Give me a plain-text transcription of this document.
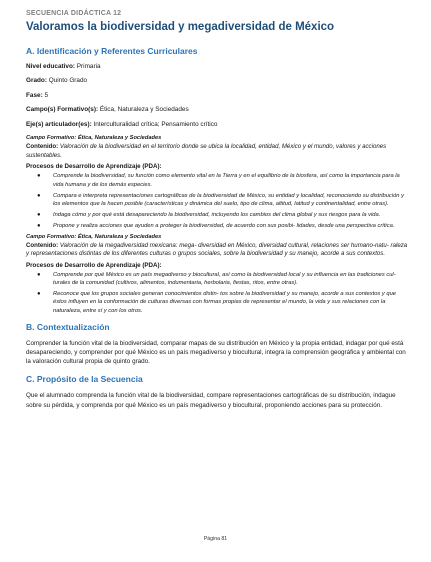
SECUENCIA DIDÁCTICA 12
Valoramos la biodiversidad y megadiversidad de México
A. Identificación y Referentes Curriculares
Nivel educativo: Primaria
Grado: Quinto Grado
Fase: 5
Campo(s) Formativo(s): Ética, Naturaleza y Sociedades
Eje(s) articulador(es): Interculturalidad crítica; Pensamiento crítico
Campo Formativo: Ética, Naturaleza y Sociedades
Contenido: Valoración de la biodiversidad en el territorio donde se ubica la localidad, entidad, México y el mundo, valores y acciones sustentables.
Procesos de Desarrollo de Aprendizaje (PDA):
● Comprende la biodiversidad, su función como elemento vital en la Tierra y en el equilibrio de la biosfera, así como la importancia para la vida humana y de los demás especies.
● Compara e interpreta representaciones cartográficas de la biodiversidad de México, su entidad y localidad, reconociendo su distribución y los elementos que la hacen posible (características y dinámica del suelo, tipo de clima, altitud, latitud y continentalidad, entre otras).
● Indaga cómo y por qué está desapareciendo la biodiversidad, incluyendo los cambios del clima global y sus riesgos para la vida.
● Propone y realiza acciones que ayuden a proteger la biodiversidad, de acuerdo con sus posibi- lidades, desde una perspectiva crítica.
Campo Formativo: Ética, Naturaleza y Sociedades
Contenido: Valoración de la megadiversidad mexicana: mega- diversidad en México, diversidad cultural, relaciones ser humano-natu- raleza y representaciones distintas de los diferentes culturas o grupos sociales, sobre la biodiversidad y su manejo, acorde a sus contextos.
Procesos de Desarrollo de Aprendizaje (PDA):
● Comprende por qué México es un país megadiverso y biocultural, así como la biodiversidad local y su influencia en las tradiciones cul- turales de la comunidad (cultivos, alimentos, indumentaria, herbolaria, fiestas, ritos, entre otras).
● Reconoce que los grupos sociales generan conocimientos distin- tos sobre la biodiversidad y su manejo, acorde a sus contextos y que éstos influyen en la conformación de culturas diversas con formas propias de representar el mundo, la vida y sus relaciones con la naturaleza, entre sí y con los otros.
B. Contextualización
Comprender la función vital de la biodiversidad, comparar mapas de su distribución en México y la propia entidad, indagar por qué está desapareciendo, y comprender por qué México es un país megadiverso y biocultural, integra la comprensión geográfica y ambiental con la valoración cultural propia de quinto grado.
C. Propósito de la Secuencia
Que el alumnado comprenda la función vital de la biodiversidad, compare representaciones cartográficas de su distribución, indague sobre su pérdida, y comprenda por qué México es un país megadiverso y biocultural, proponiendo acciones para su protección.
Página 81
